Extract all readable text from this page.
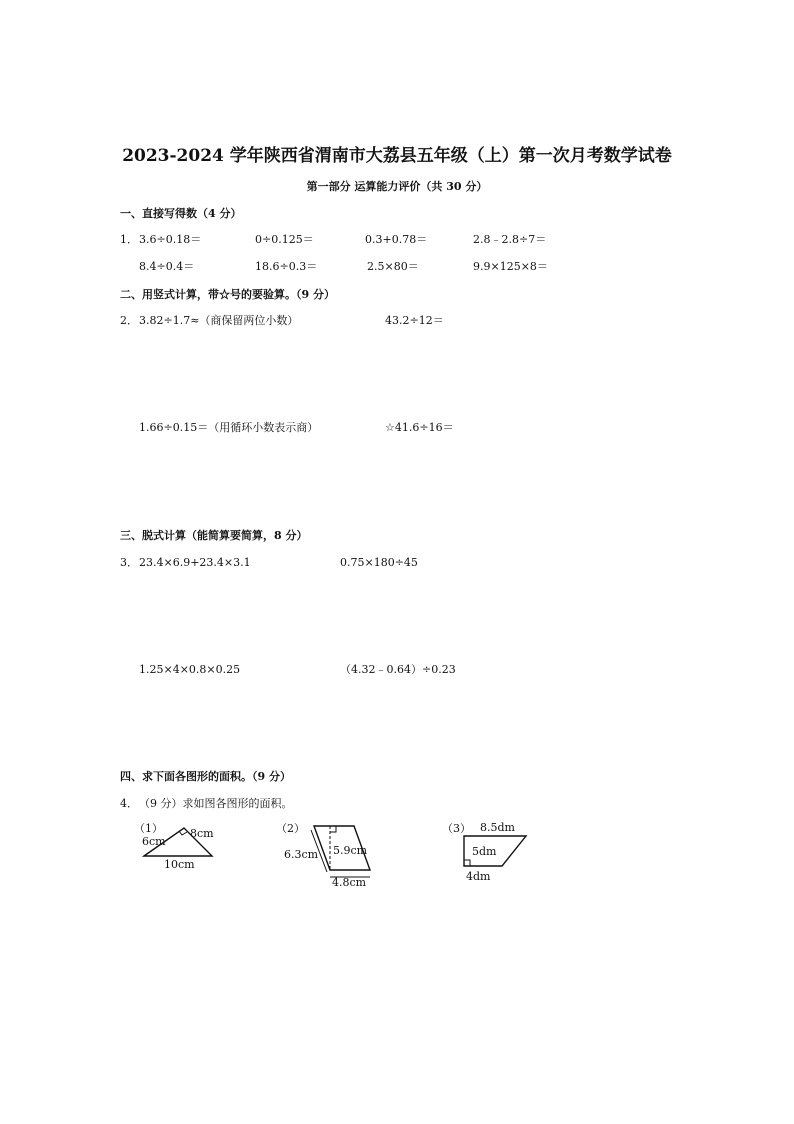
2023-2024 学年陕西省渭南市大荔县五年级（上）第一次月考数学试卷
第一部分 运算能力评价（共 30 分）
一、直接写得数（4 分）
1． 3.6÷0.18＝	0÷0.125＝	0.3+0.78＝	2.8﹣2.8÷7＝
8.4÷0.4＝	18.6÷0.3＝	2.5×80＝	9.9×125×8＝
二、用竖式计算，带☆号的要验算。（9 分）
2． 3.82÷1.7≈（商保留两位小数）	43.2÷12＝
1.66÷0.15＝（用循环小数表示商）	☆41.6÷16＝
三、脱式计算（能简算要简算，8 分）
3． 23.4×6.9+23.4×3.1	0.75×180÷45
1.25×4×0.8×0.25	（4.32﹣0.64）÷0.23
四、求下面各图形的面积。（9 分）
4． （9 分）求如图各图形的面积。
（1） 8cm
6cm
10cm
（2）
6.3cm 5.9cm
4.8cm
（3） 8.5dm
5dm
4dm
